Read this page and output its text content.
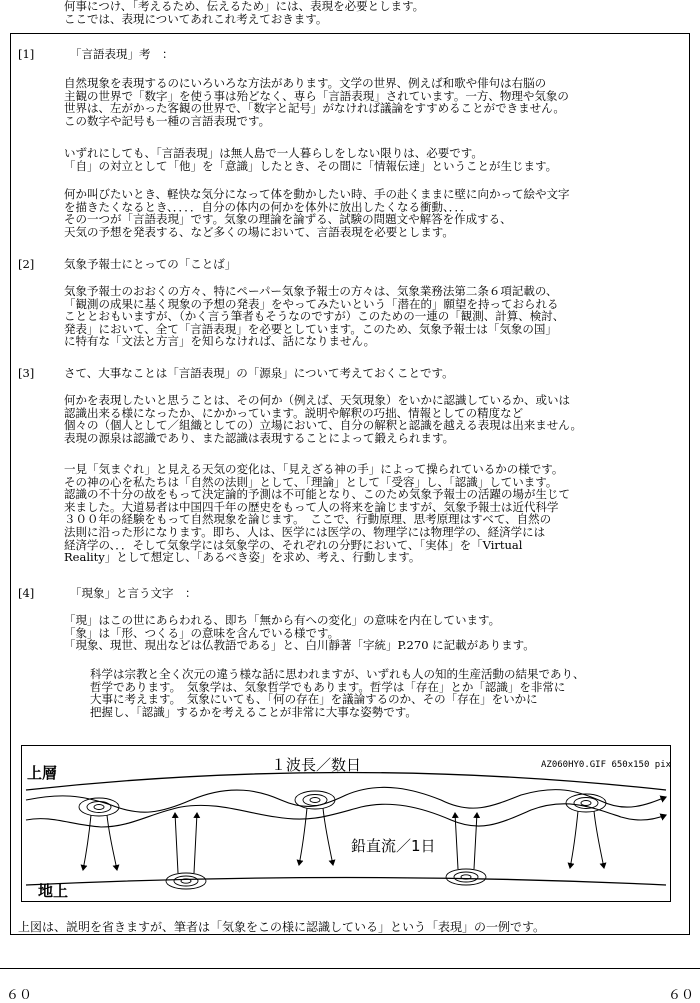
何事につけ、「考えるため、伝えるため」には、表現を必要とします。
ここでは、表現についてあれこれ考えておきます。
[1]	「言語表現」考　：
自然現象を表現するのにいろいろな方法があります。文学の世界、例えば和歌や俳句は右脳の
主観の世界で「数字」を使う事は殆どなく、専ら「言語表現」されています。一方、物理や気象の
世界は、左がかった客観の世界で、「数字と記号」がなければ議論をすすめることができません。
この数字や記号も一種の言語表現です。
いずれにしても、「言語表現」は無人島で一人暮らしをしない限りは、必要です。
「自」の対立として「他」を「意識」したとき、その間に「情報伝達」ということが生じます。
何か叫びたいとき、軽快な気分になって体を動かしたい時、手の赴くままに壁に向かって絵や文字
を描きたくなるとき、．．．．自分の体内の何かを体外に放出したくなる衝動、．．．
その一つが「言語表現」です。気象の理論を論ずる、試験の問題文や解答を作成する、
天気の予想を発表する、など多くの場において、言語表現を必要とします。
[2]	気象予報士にとっての「ことば」
気象予報士のおおくの方々、特にペーパー気象予報士の方々は、気象業務法第二条６項記載の、
「観測の成果に基く現象の予想の発表」をやってみたいという「潜在的」願望を持っておられる
こととおもいますが、（かく言う筆者もそうなのですが）このための一連の「観測、計算、検討、
発表」において、全て「言語表現」を必要としています。このため、気象予報士は「気象の国」
に特有な「文法と方言」を知らなければ、話になりません。
[3]	さて、大事なことは「言語表現」の「源泉」について考えておくことです。
何かを表現したいと思うことは、その何か（例えば、天気現象）をいかに認識しているか、或いは
認識出来る様になったか、にかかっています。説明や解釈の巧拙、情報としての精度など
個々の（個人として／組織としての）立場において、自分の解釈と認識を越える表現は出来ません。
表現の源泉は認識であり、また認識は表現することによって鍛えられます。
一見「気まぐれ」と見える天気の変化は、「見えざる神の手」によって操られているかの様です。
その神の心を私たちは「自然の法則」として、「理論」として「受容」し、「認識」しています。
認識の不十分の故をもって決定論的予測は不可能となり、このため気象予報士の活躍の場が生じて
来ました。大道易者は中国四千年の歴史をもって人の将来を論じますが、気象予報士は近代科学
３００年の経験をもって自然現象を論じます。　ここで、行動原理、思考原理はすべて、自然の
法則に沿った形になります。即ち、人は、医学には医学の、物理学には物理学の、経済学には
経済学の、．．そして気象学には気象学の、それぞれの分野において、「実体」を「Virtual
Reality」として想定し、「あるべき姿」を求め、考え、行動します。
[4]	「現象」と言う文字　：
「現」はこの世にあらわれる、即ち「無から有への変化」の意味を内在しています。
「象」は「形、つくる」の意味を含んでいる様です。
「現象、現世、現出などは仏教語である」と、白川靜著「字統」P.270 に記載があります。
科学は宗教と全く次元の違う様な話に思われますが、いずれも人の知的生産活動の結果であり、
哲学であります。　気象学は、気象哲学でもあります。哲学は「存在」とか「認識」を非常に
大事に考えます。　気象にいても、「何の存在」を議論するのか、その「存在」をいかに
把握し、「認識」するかを考えることが非常に大事な姿勢です。
上層
地上
１波長／数日
鉛直流／1日
AZ060HY0.GIF 650x150 pix
上図は、説明を省きますが、筆者は「気象をこの様に認識している」という「表現」の一例です。
６０	６０
